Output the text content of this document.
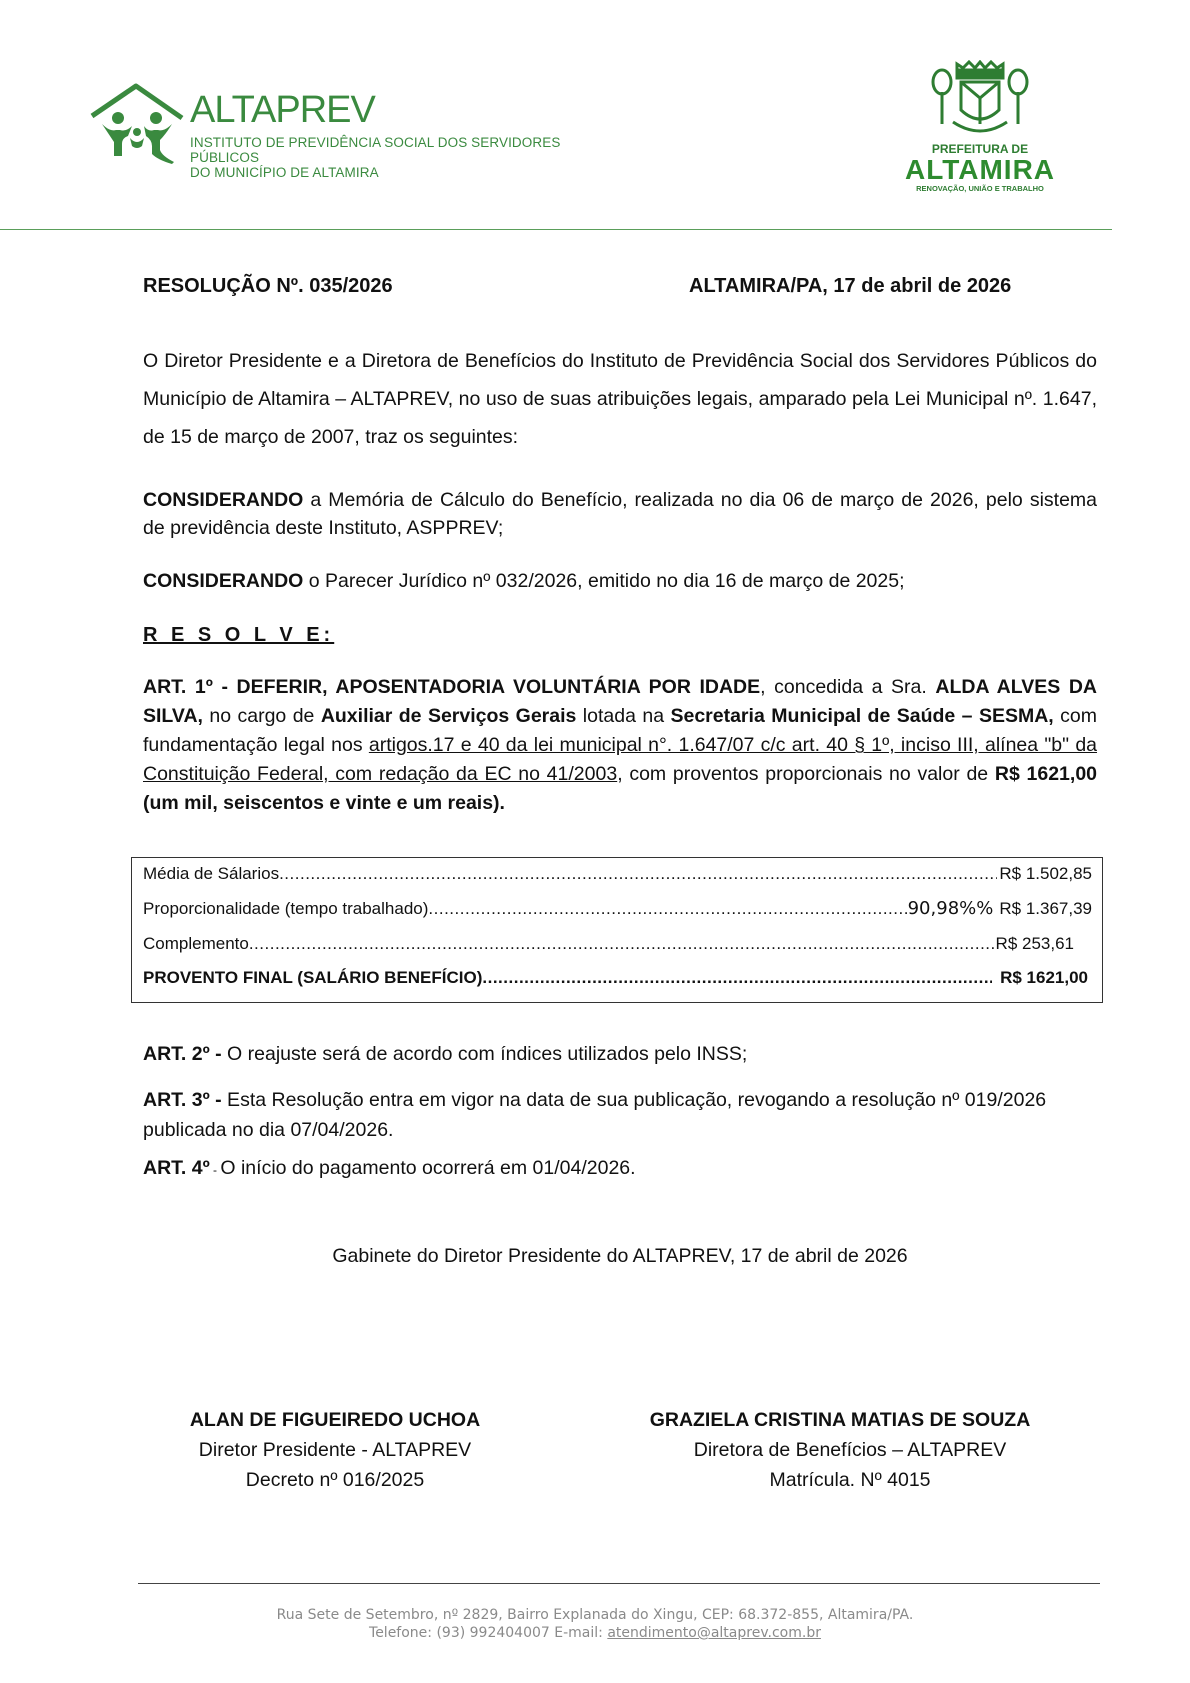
ALTAPREV
INSTITUTO DE PREVIDÊNCIA SOCIAL DOS SERVIDORES PÚBLICOS
DO MUNICÍPIO DE ALTAMIRA
PREFEITURA DE
ALTAMIRA
RENOVAÇÃO, UNIÃO E TRABALHO
RESOLUÇÃO Nº. 035/2026	ALTAMIRA/PA, 17 de abril de 2026
O Diretor Presidente e a Diretora de Benefícios do Instituto de Previdência Social dos Servidores Públicos do Município de Altamira – ALTAPREV, no uso de suas atribuições legais, amparado pela Lei Municipal nº. 1.647, de 15 de março de 2007, traz os seguintes:
CONSIDERANDO a Memória de Cálculo do Benefício, realizada no dia 06 de março de 2026, pelo sistema de previdência deste Instituto, ASPPREV;
CONSIDERANDO o Parecer Jurídico nº 032/2026, emitido no dia 16 de março de 2025;
R E S O L V E:
ART. 1º - DEFERIR, APOSENTADORIA VOLUNTÁRIA POR IDADE, concedida a Sra. ALDA ALVES DA SILVA, no cargo de Auxiliar de Serviços Gerais lotada na Secretaria Municipal de Saúde – SESMA, com fundamentação legal nos artigos.17 e 40 da lei municipal n°. 1.647/07 c/c art. 40 § 1º, inciso III, alínea "b" da Constituição Federal, com redação da EC no 41/2003, com proventos proporcionais no valor de R$ 1621,00 (um mil, seiscentos e vinte e um reais).
Média de Sálarios .....	R$ 1.502,85
Proporcionalidade (tempo trabalhado) .....	90,98%% R$ 1.367,39
Complemento .....	R$ 253,61
PROVENTO FINAL (SALÁRIO BENEFÍCIO) .....	R$ 1621,00
ART. 2º - O reajuste será de acordo com índices utilizados pelo INSS;
ART. 3º - Esta Resolução entra em vigor na data de sua publicação, revogando a resolução nº 019/2026 publicada no dia 07/04/2026.
ART. 4º - O início do pagamento ocorrerá em 01/04/2026.
Gabinete do Diretor Presidente do ALTAPREV, 17 de abril de 2026
ALAN DE FIGUEIREDO UCHOA
Diretor Presidente - ALTAPREV
Decreto nº 016/2025
GRAZIELA CRISTINA MATIAS DE SOUZA
Diretora de Benefícios – ALTAPREV
Matrícula. Nº 4015
Rua Sete de Setembro, nº 2829, Bairro Explanada do Xingu, CEP: 68.372-855, Altamira/PA.
Telefone: (93) 992404007 E-mail: atendimento@altaprev.com.br
